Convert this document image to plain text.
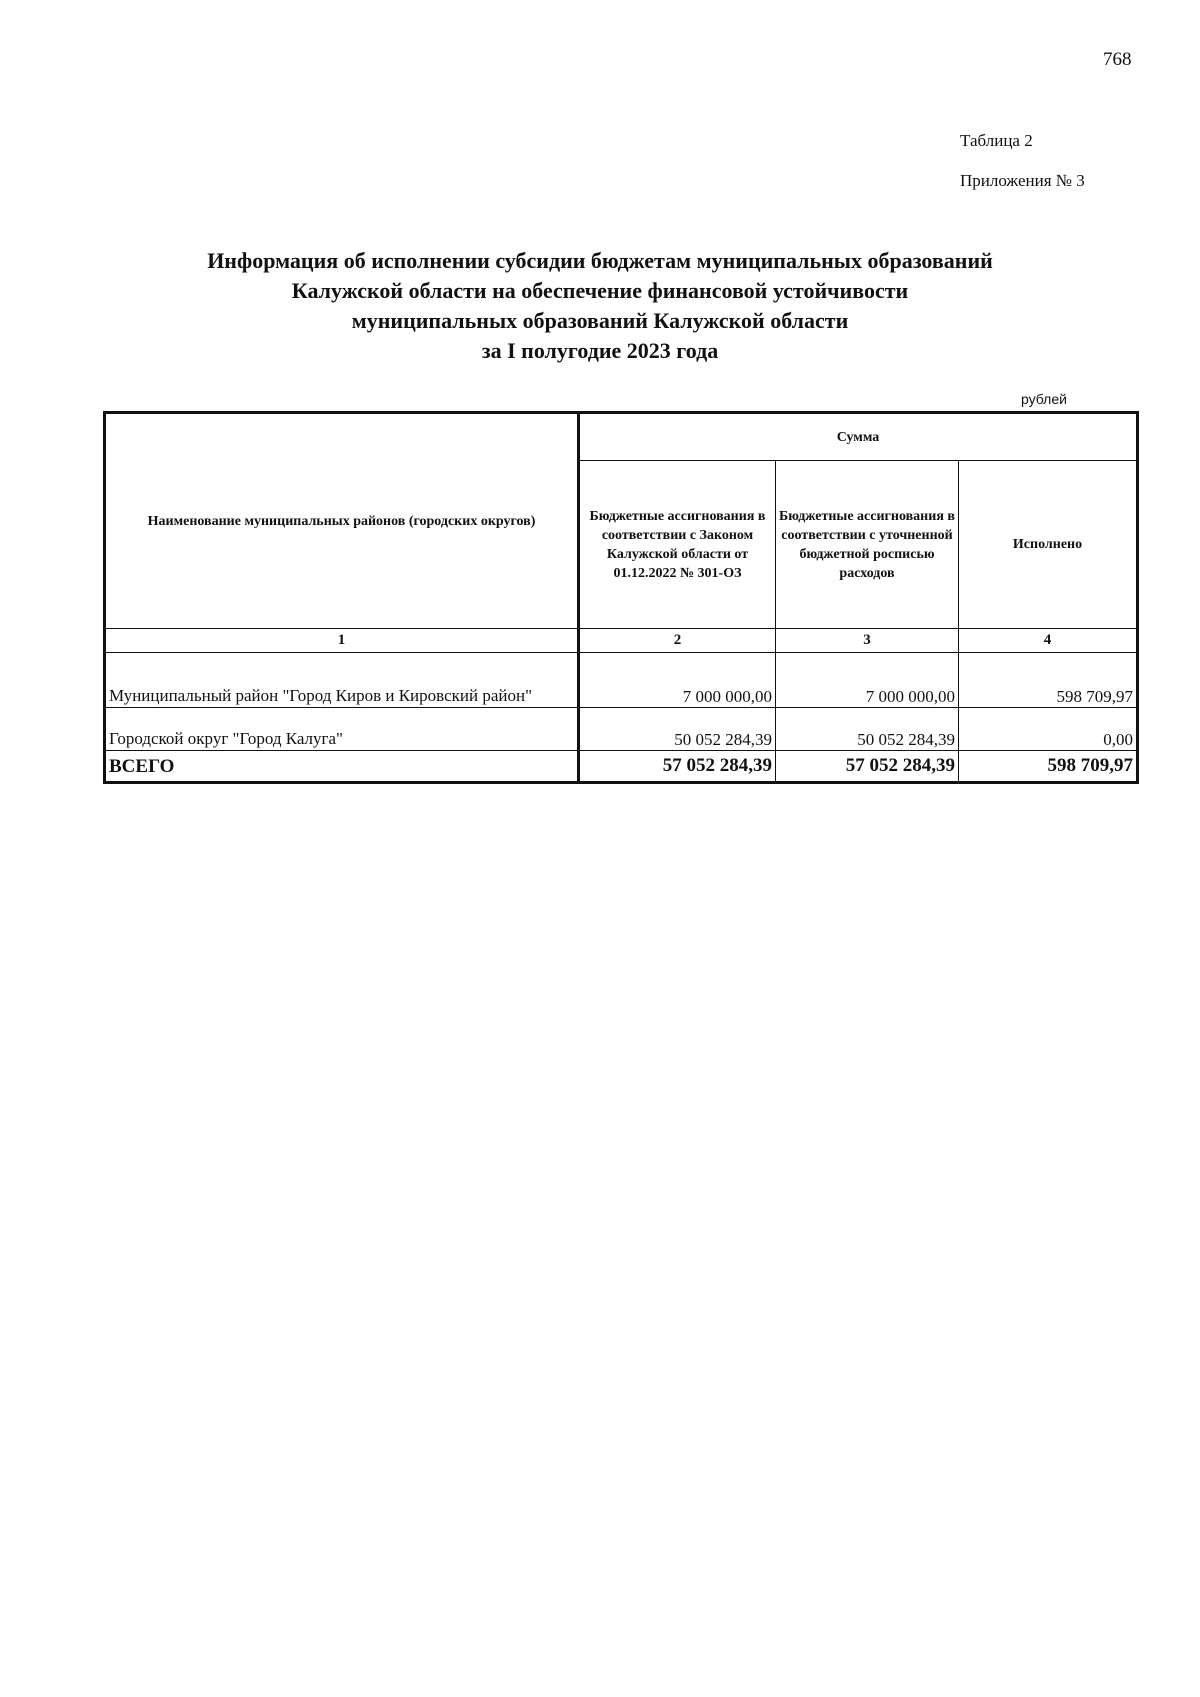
768
Таблица 2
Приложения № 3
Информация об исполнении субсидии бюджетам муниципальных образований
Калужской области на обеспечение финансовой устойчивости
муниципальных образований Калужской области
за I полугодие 2023 года
рублей
Наименование муниципальных районов (городских округов)	Сумма		
	Бюджетные ассигнования в соответствии с Законом Калужской области от 01.12.2022 № 301-ОЗ	Бюджетные ассигнования в соответствии с уточненной бюджетной росписью расходов	Исполнено
1	2	3	4
Муниципальный район "Город Киров и Кировский район"	7 000 000,00	7 000 000,00	598 709,97
Городской округ "Город Калуга"	50 052 284,39	50 052 284,39	0,00
ВСЕГО	57 052 284,39	57 052 284,39	598 709,97
